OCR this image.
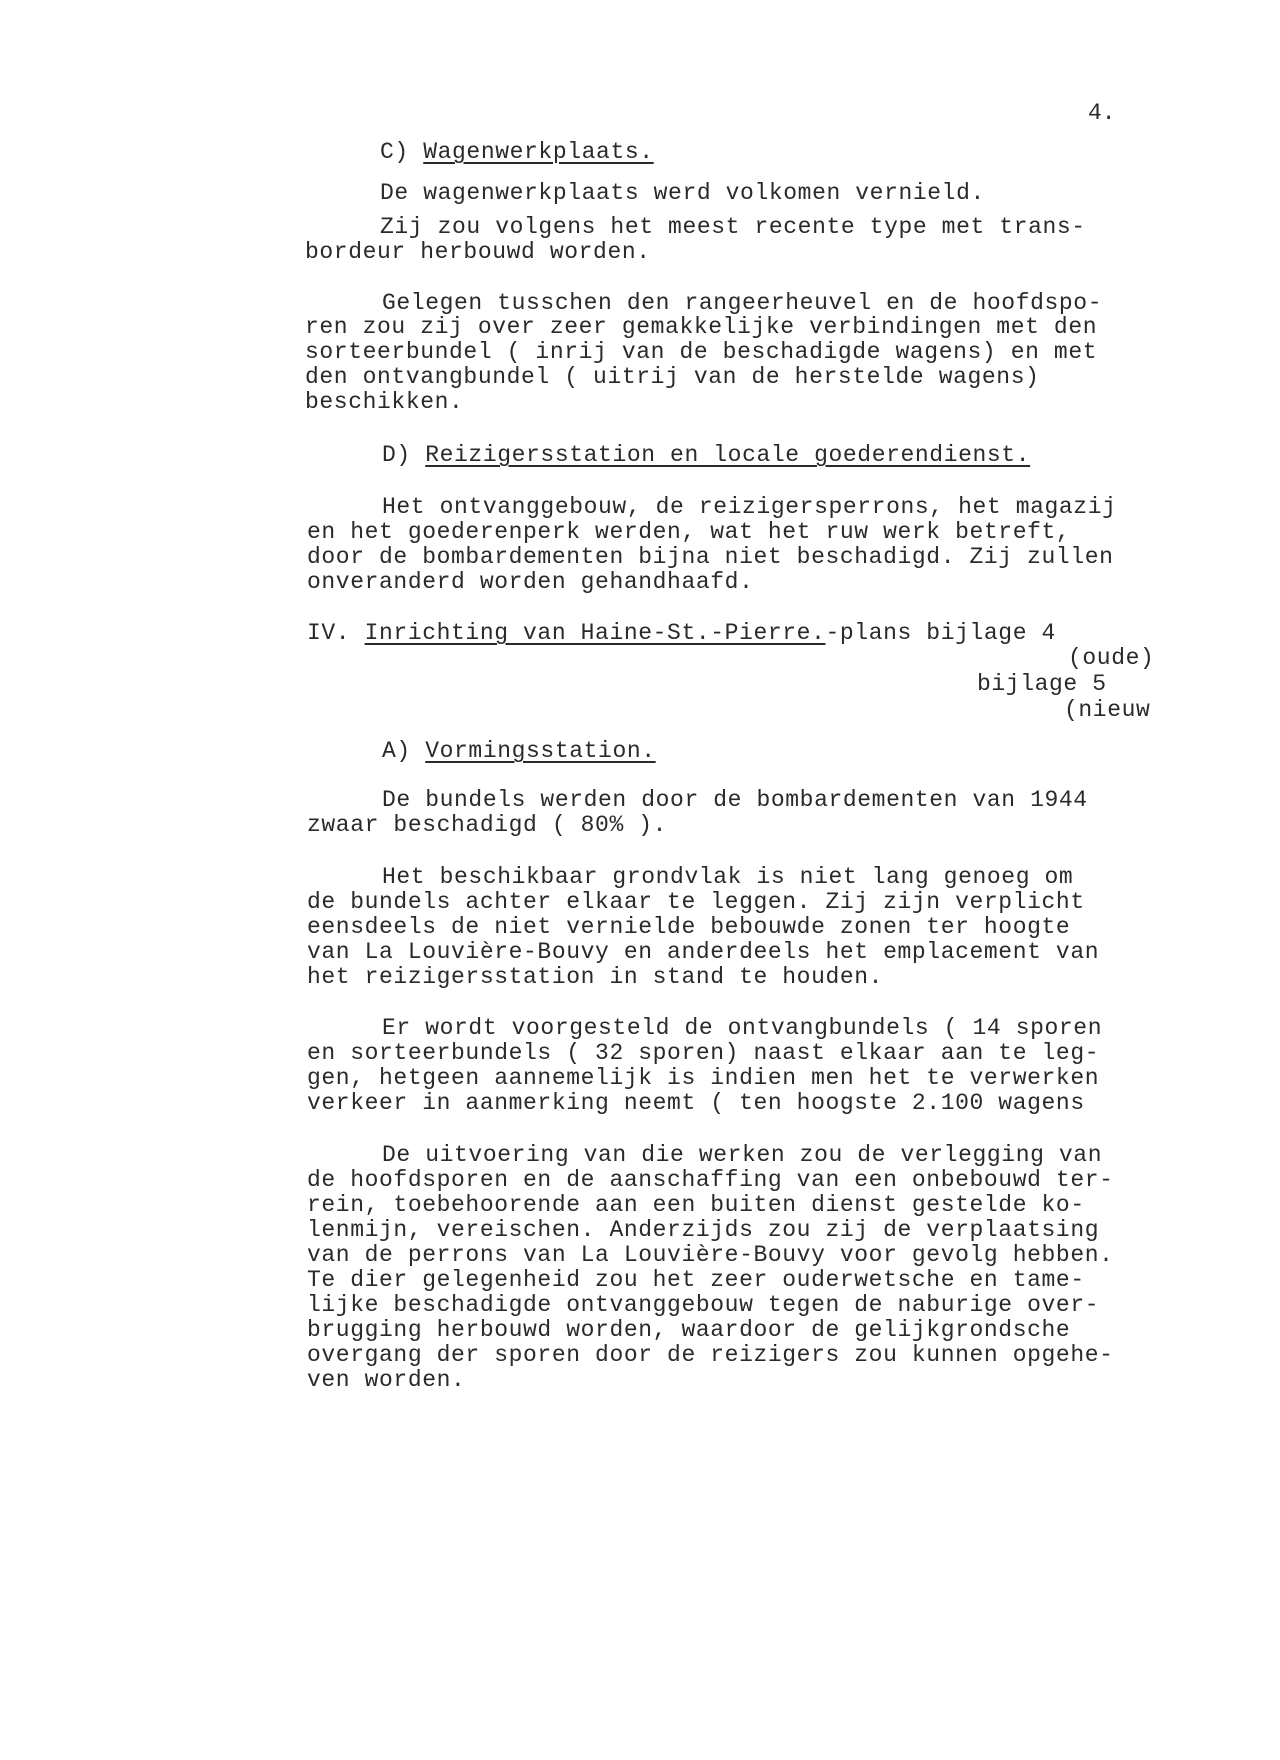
4.
C) Wagenwerkplaats.
De wagenwerkplaats werd volkomen vernield.
Zij zou volgens het meest recente type met trans-
bordeur herbouwd worden.
Gelegen tusschen den rangeerheuvel en de hoofdspo-
ren zou zij over zeer gemakkelijke verbindingen met den
sorteerbundel ( inrij van de beschadigde wagens) en met
den ontvangbundel ( uitrij van de herstelde wagens)
beschikken.
D) Reizigersstation en locale goederendienst.
Het ontvanggebouw, de reizigersperrons, het magazij
en het goederenperk werden, wat het ruw werk betreft,
door de bombardementen bijna niet beschadigd. Zij zullen
onveranderd worden gehandhaafd.
IV. Inrichting van Haine-St.-Pierre.-plans bijlage 4
(oude)
bijlage 5
(nieuw
A) Vormingsstation.
De bundels werden door de bombardementen van 1944
zwaar beschadigd ( 80% ).
Het beschikbaar grondvlak is niet lang genoeg om
de bundels achter elkaar te leggen. Zij zijn verplicht
eensdeels de niet vernielde bebouwde zonen ter hoogte
van La Louvière-Bouvy en anderdeels het emplacement van
het reizigersstation in stand te houden.
Er wordt voorgesteld de ontvangbundels ( 14 sporen
en sorteerbundels ( 32 sporen) naast elkaar aan te leg-
gen, hetgeen aannemelijk is indien men het te verwerken
verkeer in aanmerking neemt ( ten hoogste 2.100 wagens
De uitvoering van die werken zou de verlegging van
de hoofdsporen en de aanschaffing van een onbebouwd ter-
rein, toebehoorende aan een buiten dienst gestelde ko-
lenmijn, vereischen. Anderzijds zou zij de verplaatsing
van de perrons van La Louvière-Bouvy voor gevolg hebben.
Te dier gelegenheid zou het zeer ouderwetsche en tame-
lijke beschadigde ontvanggebouw tegen de naburige over-
brugging herbouwd worden, waardoor de gelijkgrondsche
overgang der sporen door de reizigers zou kunnen opgehe-
ven worden.
